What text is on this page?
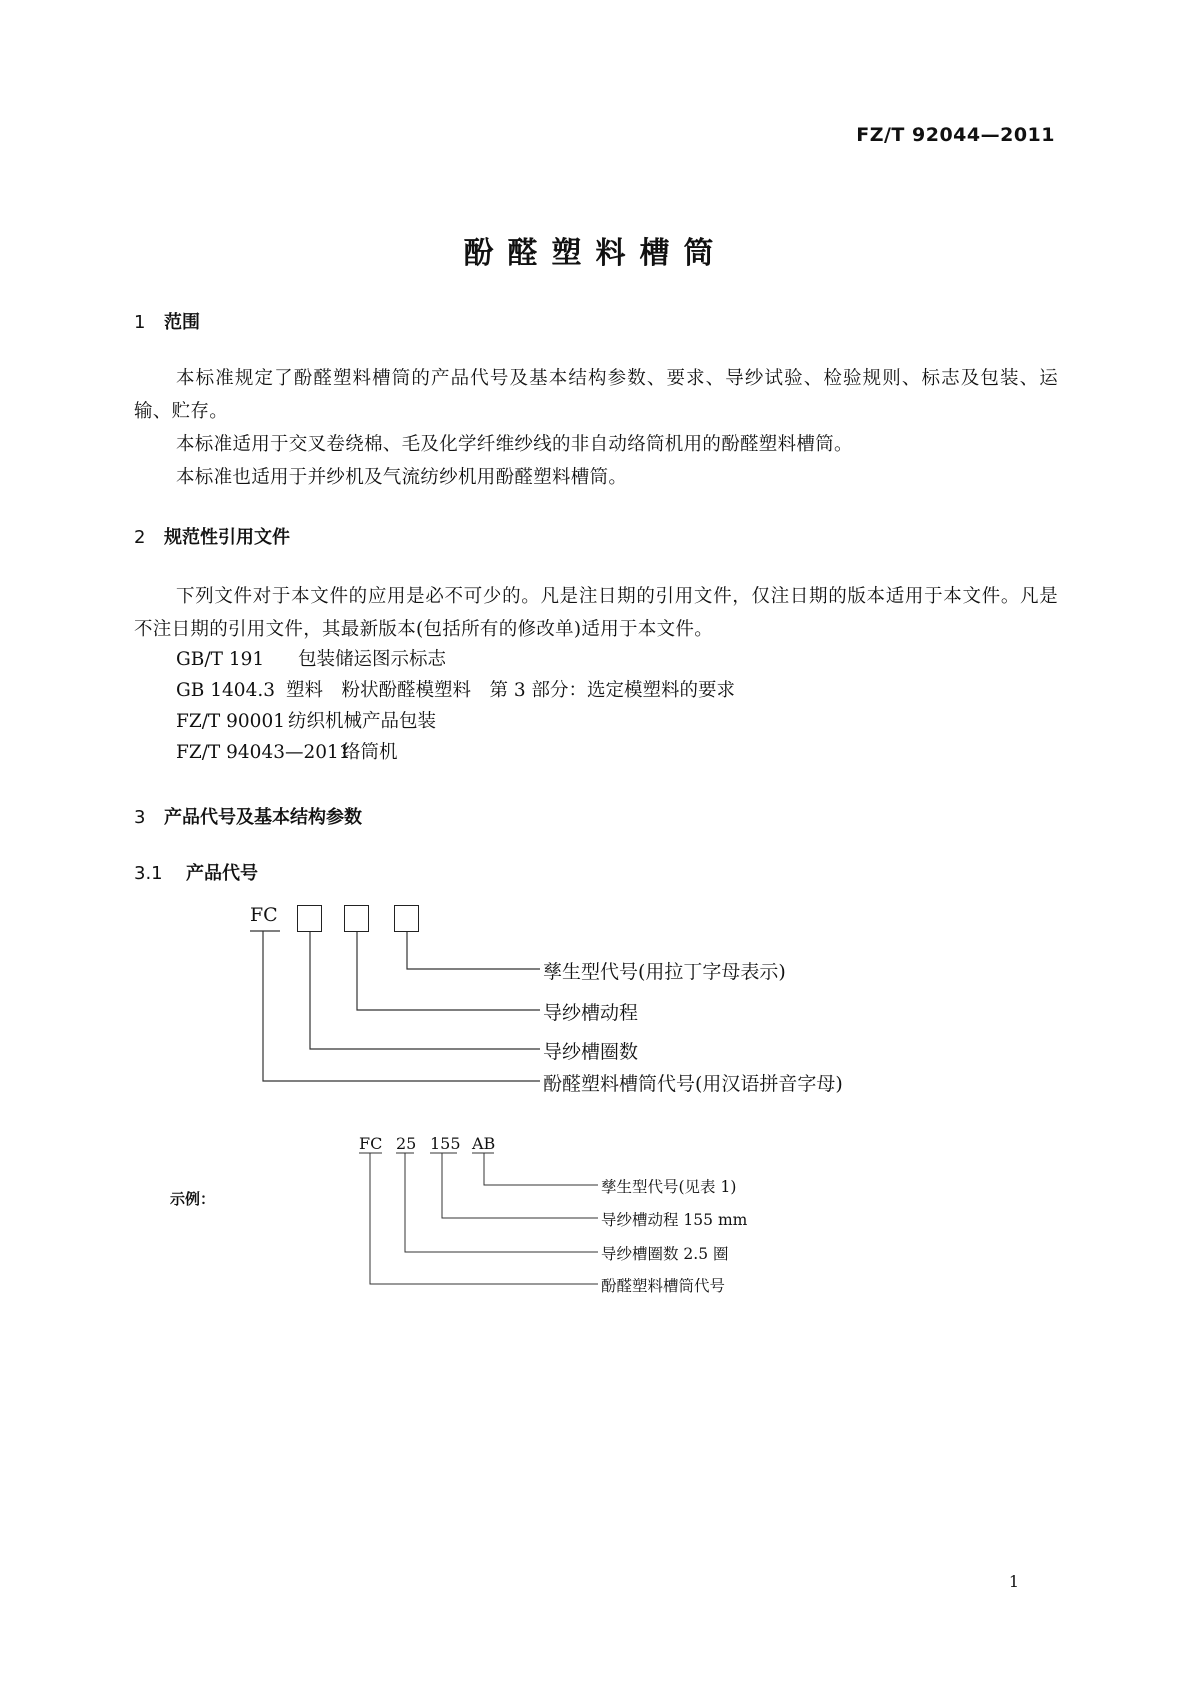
FZ/T 92044—2011
酚醛塑料槽筒
1 范围
本标准规定了酚醛塑料槽筒的产品代号及基本结构参数、要求、导纱试验、检验规则、标志及包装、运输、贮存。
本标准适用于交叉卷绕棉、毛及化学纤维纱线的非自动络筒机用的酚醛塑料槽筒。
本标准也适用于并纱机及气流纺纱机用酚醛塑料槽筒。
2 规范性引用文件
下列文件对于本文件的应用是必不可少的。凡是注日期的引用文件，仅注日期的版本适用于本文件。凡是不注日期的引用文件，其最新版本(包括所有的修改单)适用于本文件。
GB/T 191 包装储运图示标志
GB 1404.3 塑料　粉状酚醛模塑料　第 3 部分：选定模塑料的要求
FZ/T 90001 纺织机械产品包装
FZ/T 94043—2011络筒机
3 产品代号及基本结构参数
3.1 产品代号
FC
孳生型代号(用拉丁字母表示)
导纱槽动程
导纱槽圈数
酚醛塑料槽筒代号(用汉语拼音字母)
示例：
FC 25 155 AB
孳生型代号(见表 1)
导纱槽动程 155 mm
导纱槽圈数 2.5 圈
酚醛塑料槽筒代号
1
